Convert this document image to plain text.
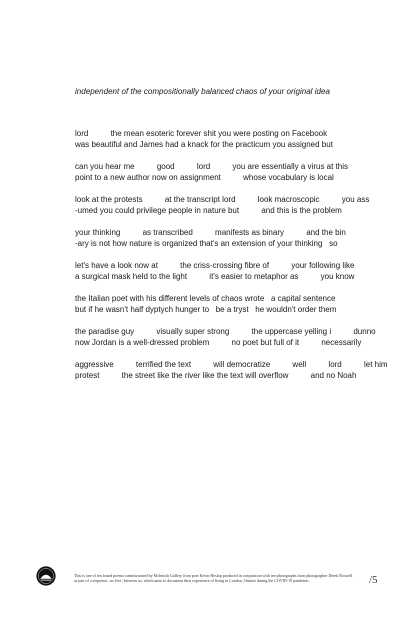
independent of the compositionally balanced chaos of your original idea
lord          the mean esoteric forever shit you were posting on Facebook
was beautiful and James had a knack for the practicum you assigned but
can you hear me          good          lord          you are essentially a virus at this
point to a new author now on assignment          whose vocabulary is local
look at the protests          at the transcript lord          look macroscopic          you ass
-umed you could privilege people in nature but          and this is the problem
your thinking          as transcribed          manifests as binary          and the bin
-ary is not how nature is organized that's an extension of your thinking   so
let's have a look now at          the criss-crossing fibre of          your following like
a surgical mask held to the light          it's easier to metaphor as          you know
the Italian poet with his different levels of chaos wrote   a capital sentence
but if he wasn't half dyptych hunger to   be a tryst   he wouldn't order them
the paradise guy          visually super strong          the uppercase yelling i          dunno
now Jordan is a well-dressed problem          no poet but full of it          necessarily
aggressive          terrified the text          will democratize          well          lord          let him
protest          the street like the river like the text will overflow          and no Noah
This is one of ten found poems commissioned by McIntosh Gallery from poet Kevin Heslop produced in conjunction with ten photographs from photographer Derek Boswell as part of a sequence, six feet | between us, which aims to document their experience of living in London, Ontario during the COVID-19 pandemic.	/5
